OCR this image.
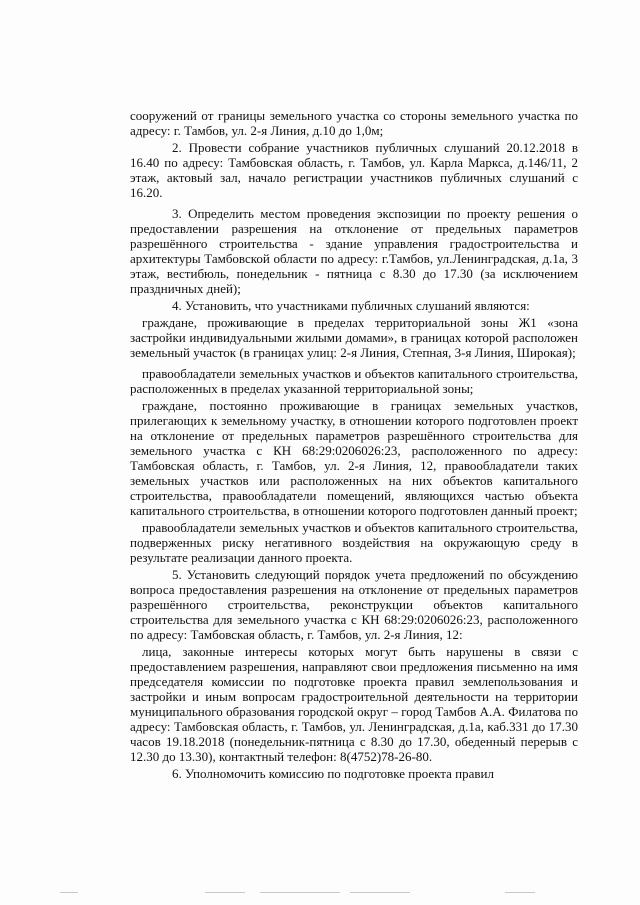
сооружений от границы земельного участка со стороны земельного участка по адресу: г. Тамбов, ул. 2-я Линия, д.10 до 1,0м;

2. Провести собрание участников публичных слушаний 20.12.2018 в 16.40 по адресу: Тамбовская область, г. Тамбов, ул. Карла Маркса, д.146/11, 2 этаж, актовый зал, начало регистрации участников публичных слушаний с 16.20.

3. Определить местом проведения экспозиции по проекту решения о предоставлении разрешения на отклонение от предельных параметров разрешённого строительства - здание управления градостроительства и архитектуры Тамбовской области по адресу: г.Тамбов, ул.Ленинградская, д.1а, 3 этаж, вестибюль, понедельник - пятница с 8.30 до 17.30 (за исключением праздничных дней);

4. Установить, что участниками публичных слушаний являются:

граждане, проживающие в пределах территориальной зоны Ж1 «зона застройки индивидуальными жилыми домами», в границах которой расположен земельный участок (в границах улиц: 2-я Линия, Степная, 3-я Линия, Широкая);

правообладатели земельных участков и объектов капитального строительства, расположенных в пределах указанной территориальной зоны;

граждане, постоянно проживающие в границах земельных участков, прилегающих к земельному участку, в отношении которого подготовлен проект на отклонение от предельных параметров разрешённого строительства для земельного участка с КН 68:29:0206026:23, расположенного по адресу: Тамбовская область, г. Тамбов, ул. 2-я Линия, 12, правообладатели таких земельных участков или расположенных на них объектов капитального строительства, правообладатели помещений, являющихся частью объекта капитального строительства, в отношении которого подготовлен данный проект;

правообладатели земельных участков и объектов капитального строительства, подверженных риску негативного воздействия на окружающую среду в результате реализации данного проекта.

5. Установить следующий порядок учета предложений по обсуждению вопроса предоставления разрешения на отклонение от предельных параметров разрешённого строительства, реконструкции объектов капитального строительства для земельного участка с КН 68:29:0206026:23, расположенного по адресу: Тамбовская область, г. Тамбов, ул. 2-я Линия, 12:

лица, законные интересы которых могут быть нарушены в связи с предоставлением разрешения, направляют свои предложения письменно на имя председателя комиссии по подготовке проекта правил землепользования и застройки и иным вопросам градостроительной деятельности на территории муниципального образования городской округ – город Тамбов А.А. Филатова по адресу: Тамбовская область, г. Тамбов, ул. Ленинградская, д.1а, каб.331 до 17.30 часов 19.18.2018 (понедельник-пятница с 8.30 до 17.30, обеденный перерыв с 12.30 до 13.30), контактный телефон: 8(4752)78-26-80.

6. Уполномочить комиссию по подготовке проекта правил
